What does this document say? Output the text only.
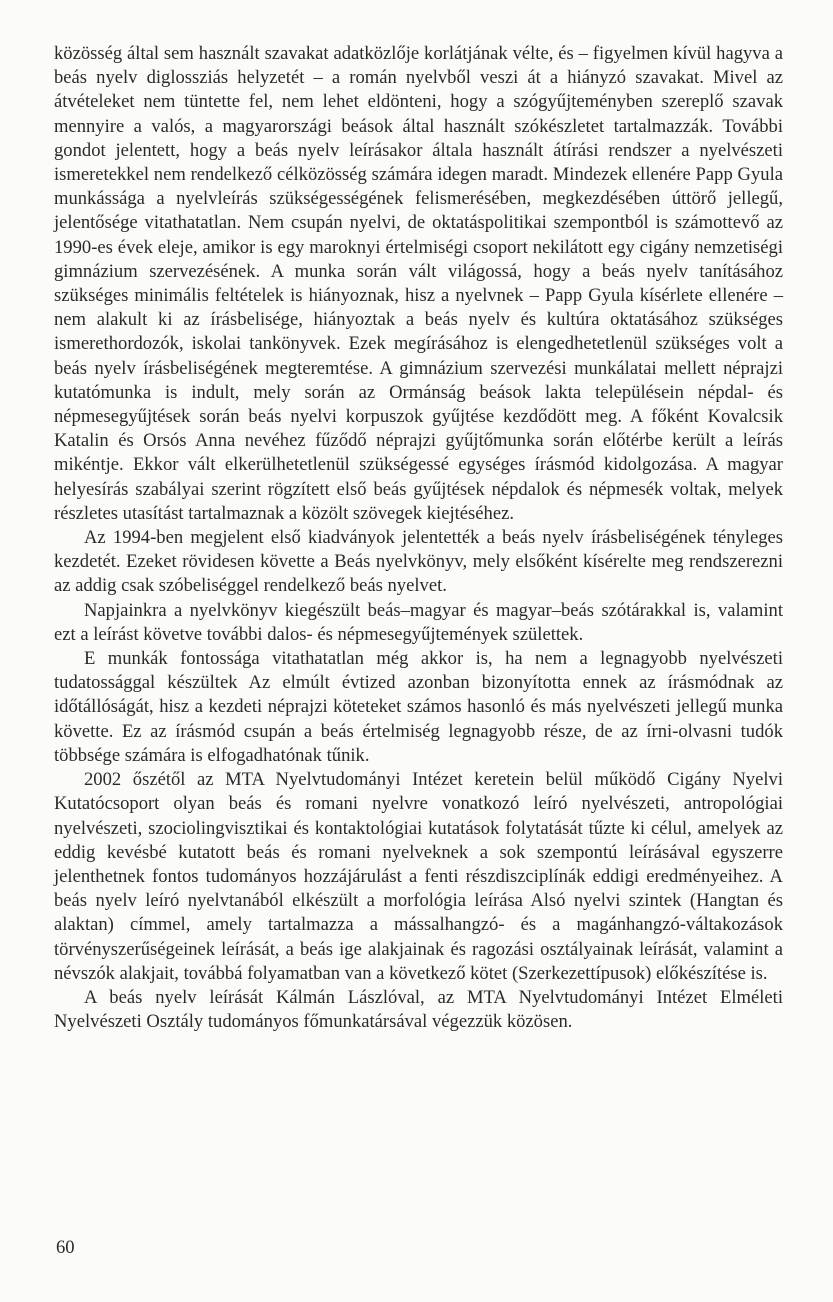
közösség által sem használt szavakat adatközlője korlátjának vélte, és – figyelmen kívül hagyva a beás nyelv diglossziás helyzetét – a román nyelvből veszi át a hiányzó szavakat. Mivel az átvételeket nem tüntette fel, nem lehet eldönteni, hogy a szógyűjteményben szereplő szavak mennyire a valós, a magyarországi beások által használt szókészletet tartalmazzák. További gondot jelentett, hogy a beás nyelv leírásakor általa használt átírási rendszer a nyelvészeti ismeretekkel nem rendelkező célközösség számára idegen maradt. Mindezek ellenére Papp Gyula munkássága a nyelvleírás szükségességének felismerésében, megkezdésében úttörő jellegű, jelentősége vitathatatlan. Nem csupán nyelvi, de oktatáspolitikai szempontból is számottevő az 1990-es évek eleje, amikor is egy maroknyi értelmiségi csoport nekilátott egy cigány nemzetiségi gimnázium szervezésének. A munka során vált világossá, hogy a beás nyelv tanításához szükséges minimális feltételek is hiányoznak, hisz a nyelvnek – Papp Gyula kísérlete ellenére – nem alakult ki az írásbelisége, hiányoztak a beás nyelv és kultúra oktatásához szükséges ismerethordozók, iskolai tankönyvek. Ezek megírásához is elengedhetetlenül szükséges volt a beás nyelv írásbeliségének megteremtése. A gimnázium szervezési munkálatai mellett néprajzi kutatómunka is indult, mely során az Ormánság beások lakta településein népdal- és népmesegyűjtések során beás nyelvi korpuszok gyűjtése kezdődött meg. A főként Kovalcsik Katalin és Orsós Anna nevéhez fűződő néprajzi gyűjtőmunka során előtérbe került a leírás mikéntje. Ekkor vált elkerülhetetlenül szükségessé egységes írásmód kidolgozása. A magyar helyesírás szabályai szerint rögzített első beás gyűjtések népdalok és népmesék voltak, melyek részletes utasítást tartalmaznak a közölt szövegek kiejtéséhez.

Az 1994-ben megjelent első kiadványok jelentették a beás nyelv írásbeliségének tényleges kezdetét. Ezeket rövidesen követte a Beás nyelvkönyv, mely elsőként kísérelte meg rendszerezni az addig csak szóbeliséggel rendelkező beás nyelvet.

Napjainkra a nyelvkönyv kiegészült beás–magyar és magyar–beás szótárakkal is, valamint ezt a leírást követve további dalos- és népmesegyűjtemények születtek.

E munkák fontossága vitathatatlan még akkor is, ha nem a legnagyobb nyelvészeti tudatossággal készültek Az elmúlt évtized azonban bizonyította ennek az írásmódnak az időtállóságát, hisz a kezdeti néprajzi köteteket számos hasonló és más nyelvészeti jellegű munka követte. Ez az írásmód csupán a beás értelmiség legnagyobb része, de az írni-olvasni tudók többsége számára is elfogadhatónak tűnik.

2002 őszétől az MTA Nyelvtudományi Intézet keretein belül működő Cigány Nyelvi Kutatócsoport olyan beás és romani nyelvre vonatkozó leíró nyelvészeti, antropológiai nyelvészeti, szociolingvisztikai és kontaktológiai kutatások folytatását tűzte ki célul, amelyek az eddig kevésbé kutatott beás és romani nyelveknek a sok szempontú leírásával egyszerre jelenthetnek fontos tudományos hozzájárulást a fenti részdiszciplínák eddigi eredményeihez. A beás nyelv leíró nyelvtanából elkészült a morfológia leírása Alsó nyelvi szintek (Hangtan és alaktan) címmel, amely tartalmazza a mássalhangzó- és a magánhangzó-váltakozások törvényszerűségeinek leírását, a beás ige alakjainak és ragozási osztályainak leírását, valamint a névszók alakjait, továbbá folyamatban van a következő kötet (Szerkezettípusok) előkészítése is.

A beás nyelv leírását Kálmán Lászlóval, az MTA Nyelvtudományi Intézet Elméleti Nyelvészeti Osztály tudományos főmunkatársával végezzük közösen.

60
